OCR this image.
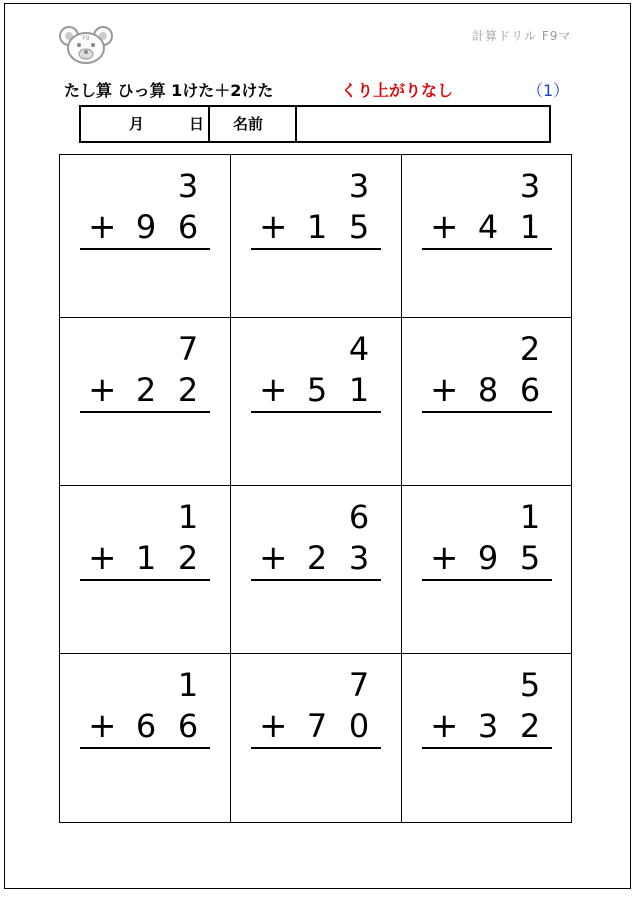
F9	計算ドリル F9マ
たし算 ひっ算 1けた＋2けた	くり上がりなし	（1）
月	日 名前
3
+ 9 6
3
+ 1 5
3
+ 4 1
7
+ 2 2
4
+ 5 1
2
+ 8 6
1
+ 1 2
6
+ 2 3
1
+ 9 5
1
+ 6 6
7
+ 7 0
5
+ 3 2
